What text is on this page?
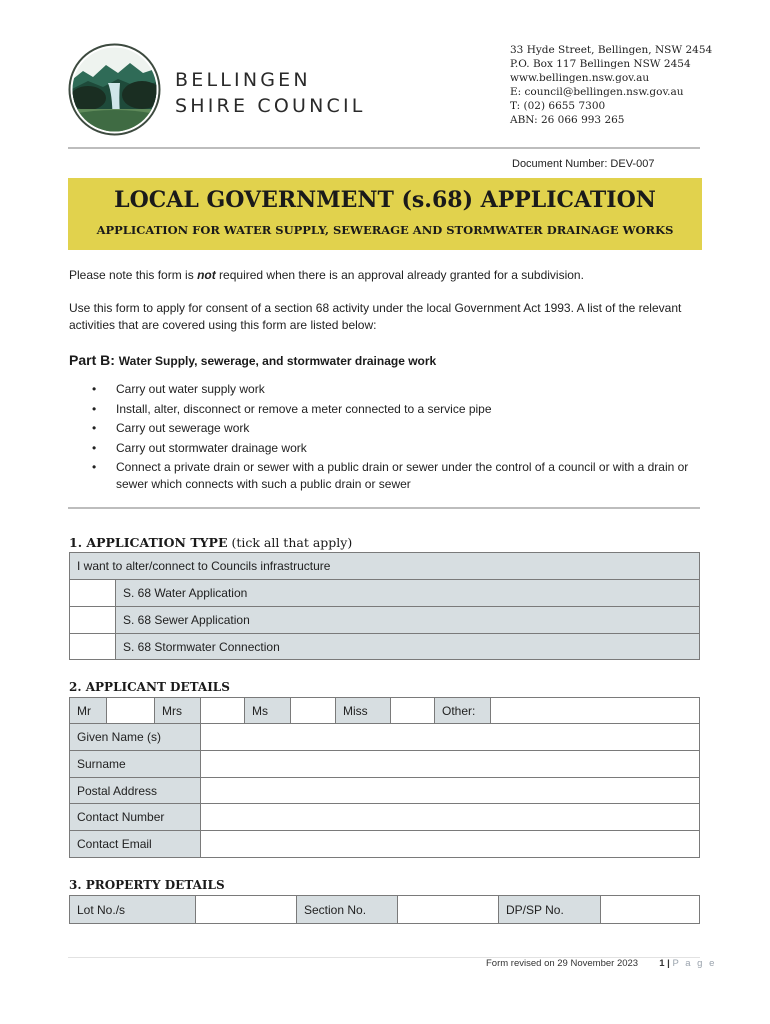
BELLINGEN
SHIRE COUNCIL
33 Hyde Street, Bellingen, NSW 2454
P.O. Box 117 Bellingen NSW 2454
www.bellingen.nsw.gov.au
E: council@bellingen.nsw.gov.au
T: (02) 6655 7300
ABN: 26 066 993 265
Document Number: DEV-007
LOCAL GOVERNMENT (s.68) APPLICATION
APPLICATION FOR WATER SUPPLY, SEWERAGE AND STORMWATER DRAINAGE WORKS
Please note this form is not required when there is an approval already granted for a subdivision.
Use this form to apply for consent of a section 68 activity under the local Government Act 1993. A list of the relevant activities that are covered using this form are listed below:
Part B: Water Supply, sewerage, and stormwater drainage work
• Carry out water supply work
• Install, alter, disconnect or remove a meter connected to a service pipe
• Carry out sewerage work
• Carry out stormwater drainage work
• Connect a private drain or sewer with a public drain or sewer under the control of a council or with a drain or sewer which connects with such a public drain or sewer
1. APPLICATION TYPE (tick all that apply)
I want to alter/connect to Councils infrastructure	
	S. 68 Water Application
	S. 68 Sewer Application
	S. 68 Stormwater Connection
2. APPLICANT DETAILS
Mr		Mrs		Ms		Miss		Other:	
Given Name (s)	
Surname	
Postal Address	
Contact Number	
Contact Email	
3. PROPERTY DETAILS
Lot No./s		Section No.		DP/SP No.	
Form revised on 29 November 2023 1 | P a g e
